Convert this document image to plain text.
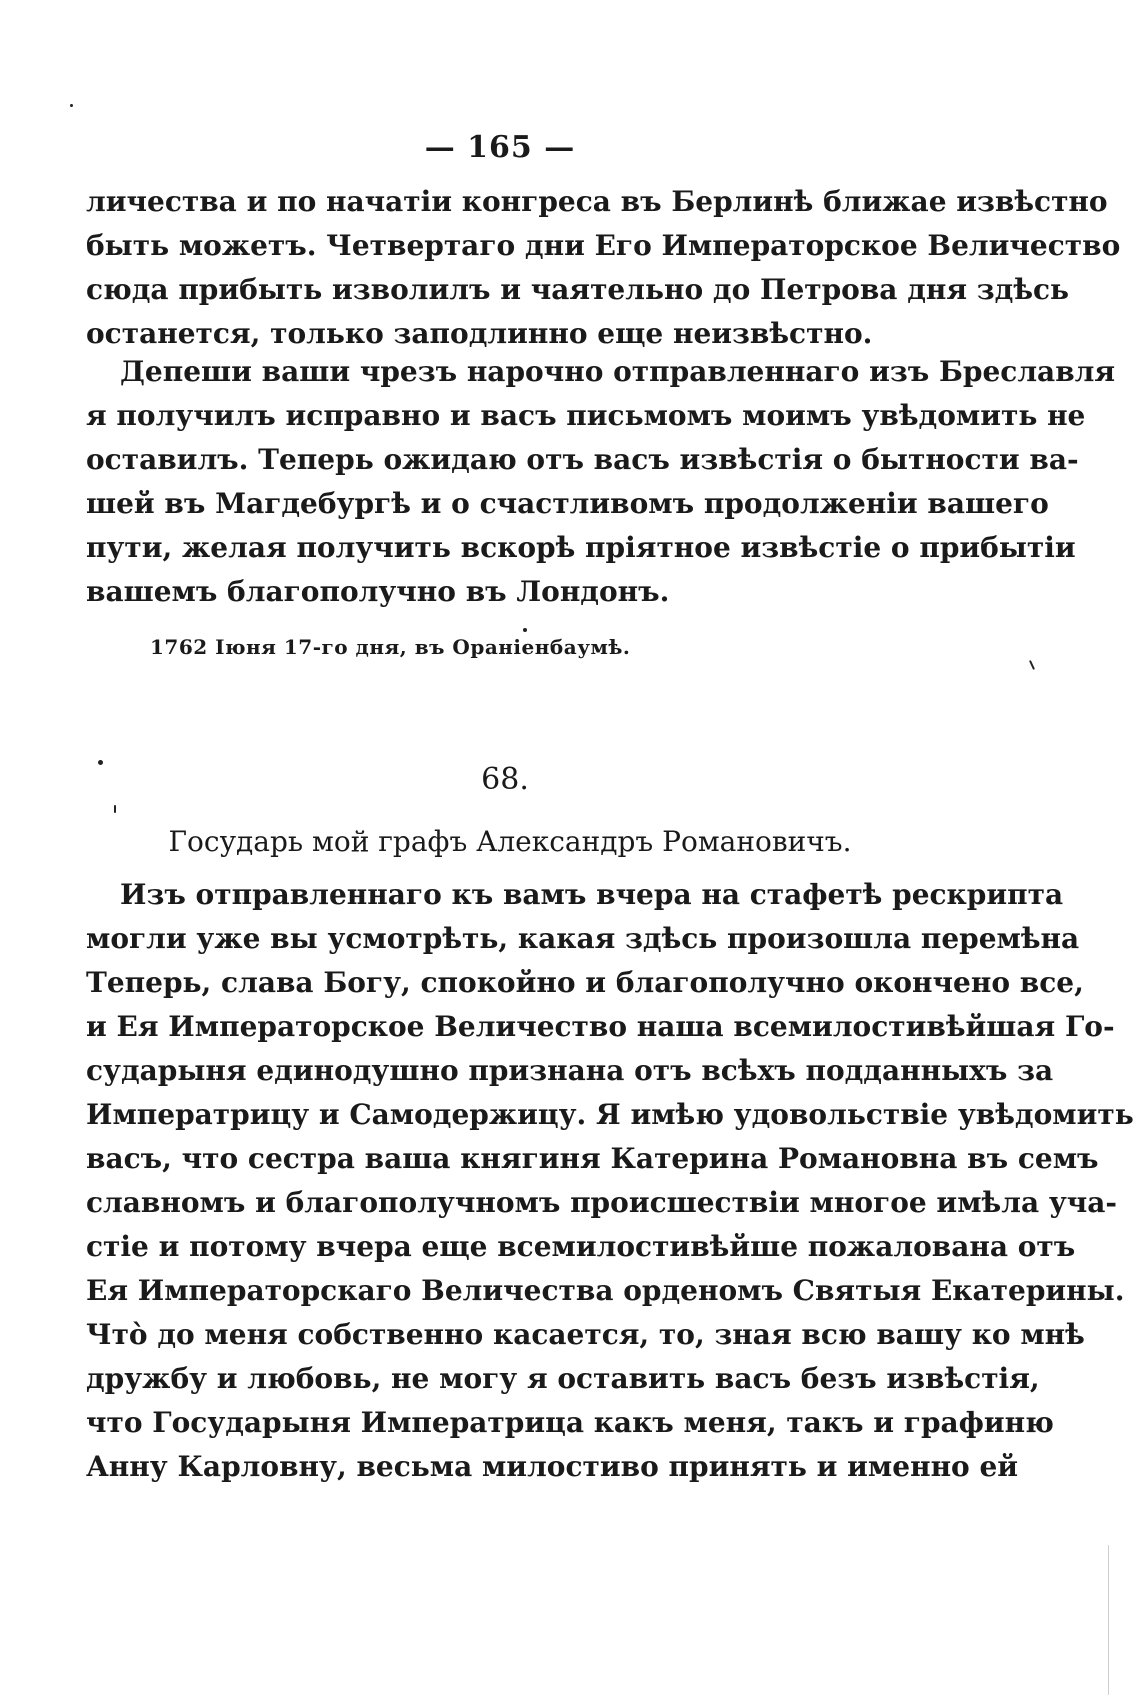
— 165 —
личества и по начатіи конгреса въ Берлинѣ ближае извѣстно
быть можетъ. Четвертаго дни Его Императорское Величество
сюда прибыть изволилъ и чаятельно до Петрова дня здѣсь
останется, только заподлинно еще неизвѣстно.
Депеши ваши чрезъ нарочно отправленнаго изъ Бреславля
я получилъ исправно и васъ письмомъ моимъ увѣдомить не
оставилъ. Теперь ожидаю отъ васъ извѣстія о бытности ва-
шей въ Магдебургѣ и о счастливомъ продолженіи вашего
пути, желая получить вскорѣ пріятное извѣстіе о прибытіи
вашемъ благополучно въ Лондонъ.
1762 Іюня 17-го дня, въ Ораніенбаумѣ.
68.
Государь мой графъ Александръ Романовичъ.
Изъ отправленнаго къ вамъ вчера на стафетѣ рескрипта
могли уже вы усмотрѣть, какая здѣсь произошла перемѣна
Теперь, слава Богу, спокойно и благополучно окончено все,
и Ея Императорское Величество наша всемилостивѣйшая Го-
сударыня единодушно признана отъ всѣхъ подданныхъ за
Императрицу и Самодержицу. Я имѣю удовольствіе увѣдомить
васъ, что сестра ваша княгиня Катерина Романовна въ семъ
славномъ и благополучномъ происшествіи многое имѣла уча-
стіе и потому вчера еще всемилостивѣйше пожалована отъ
Ея Императорскаго Величества орденомъ Святыя Екатерины.
Чтò до меня собственно касается, то, зная всю вашу ко мнѣ
дружбу и любовь, не могу я оставить васъ безъ извѣстія,
что Государыня Императрица какъ меня, такъ и графиню
Анну Карловну, весьма милостиво принять и именно ей
